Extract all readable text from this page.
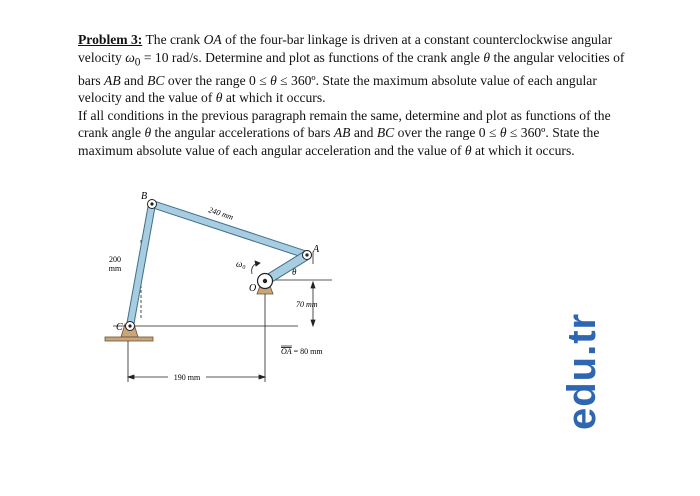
Problem 3: The crank OA of the four-bar linkage is driven at a constant counterclockwise angular velocity $\omega_0 = 10$ rad/s. Determine and plot as functions of the crank angle θ the angular velocities of bars AB and BC over the range 0 ≤ θ ≤ 360º. State the maximum absolute value of each angular velocity and the value of θ at which it occurs.

If all conditions in the previous paragraph remain the same, determine and plot as functions of the crank angle θ the angular accelerations of bars AB and BC over the range 0 ≤ θ ≤ 360º. State the maximum absolute value of each angular acceleration and the value of θ at which it occurs.

B
A
C
O
θ
$\omega_0$
240 mm
200
mm
190 mm
70 mm
OA = 80 mm	edu.tr
